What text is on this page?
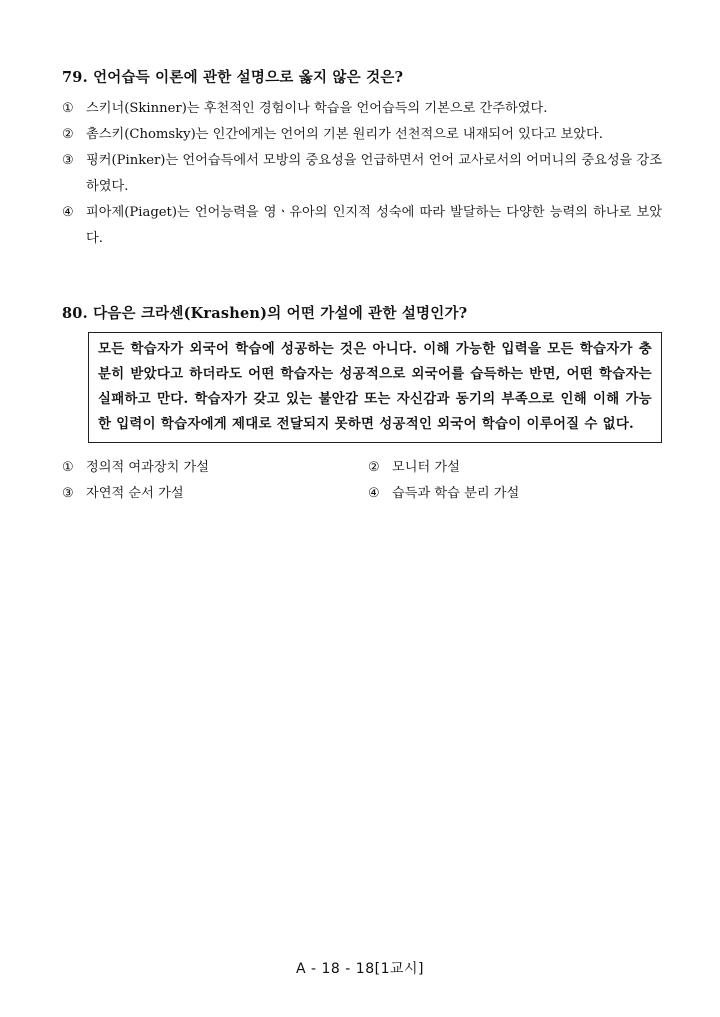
79. 언어습득 이론에 관한 설명으로 옳지 않은 것은?

① 스키너(Skinner)는 후천적인 경험이나 학습을 언어습득의 기본으로 간주하였다.
② 촘스키(Chomsky)는 인간에게는 언어의 기본 원리가 선천적으로 내재되어 있다고 보았다.
③ 핑커(Pinker)는 언어습득에서 모방의 중요성을 언급하면서 언어 교사로서의 어머니의 중요성을 강조하였다.
④ 피아제(Piaget)는 언어능력을 영ㆍ유아의 인지적 성숙에 따라 발달하는 다양한 능력의 하나로 보았다.

80. 다음은 크라센(Krashen)의 어떤 가설에 관한 설명인가?

모든 학습자가 외국어 학습에 성공하는 것은 아니다. 이해 가능한 입력을 모든 학습자가 충분히 받았다고 하더라도 어떤 학습자는 성공적으로 외국어를 습득하는 반면, 어떤 학습자는 실패하고 만다. 학습자가 갖고 있는 불안감 또는 자신감과 동기의 부족으로 인해 이해 가능한 입력이 학습자에게 제대로 전달되지 못하면 성공적인 외국어 학습이 이루어질 수 없다.
① 정의적 여과장치 가설	② 모니터 가설
③ 자연적 순서 가설	④ 습득과 학습 분리 가설
A - 18 - 18[1교시]
